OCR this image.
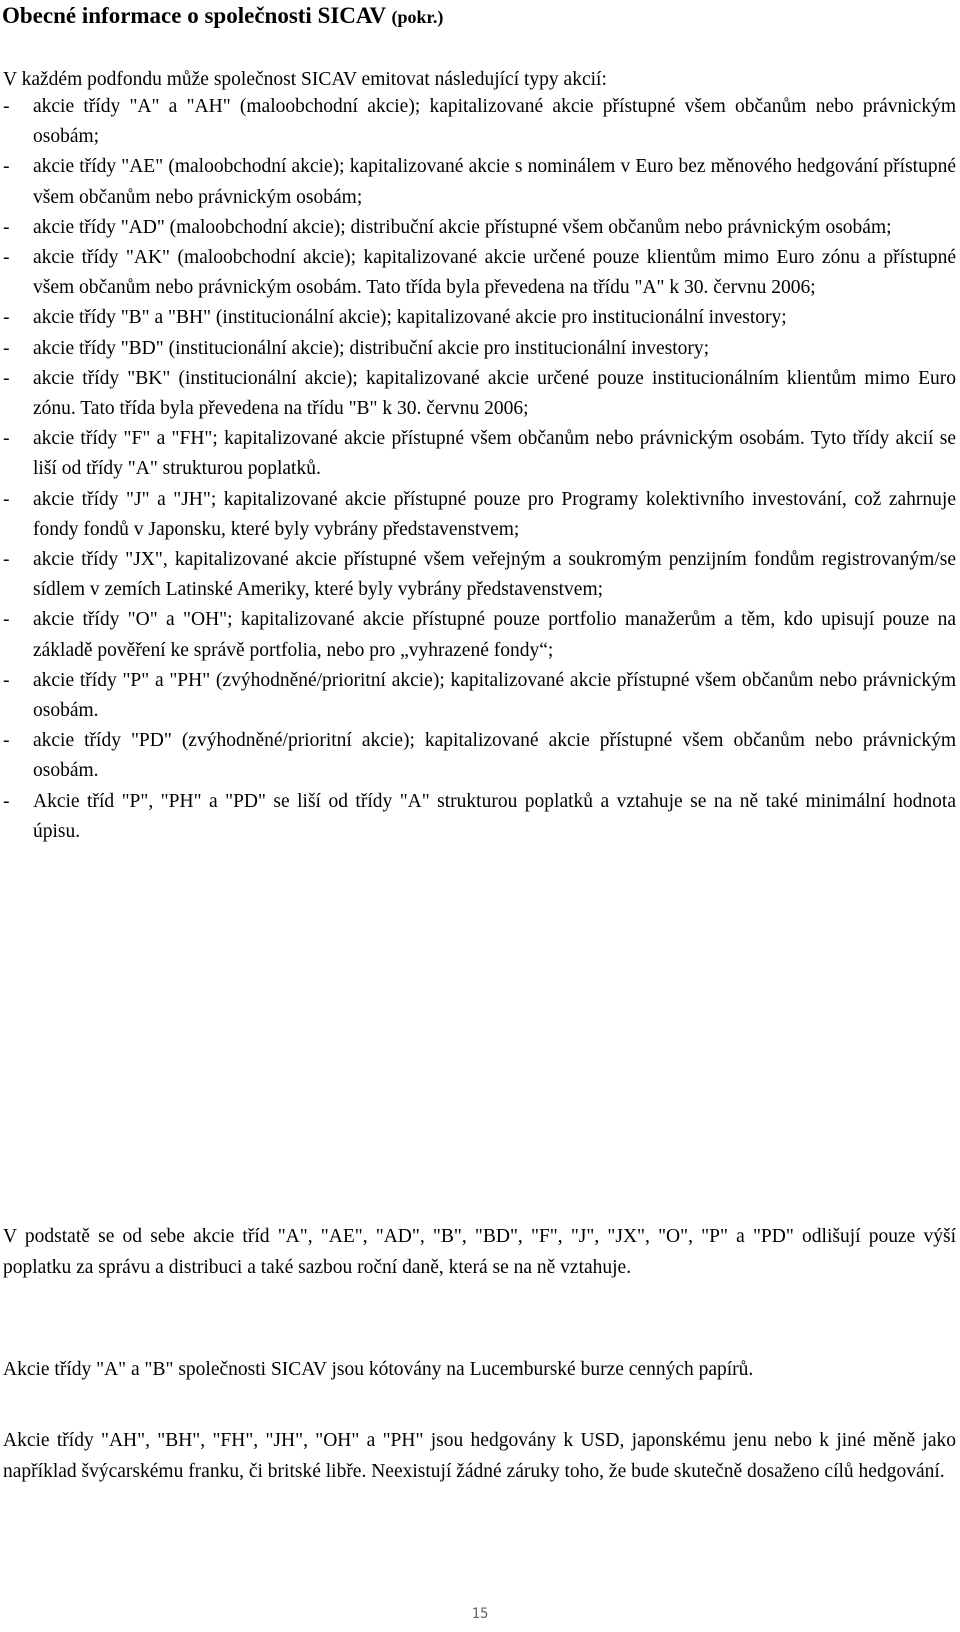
Obecné informace o společnosti SICAV (pokr.)
V každém podfondu může společnost SICAV emitovat následující typy akcií:
- akcie třídy "A" a "AH" (maloobchodní akcie); kapitalizované akcie přístupné všem občanům nebo právnickým osobám;
- akcie třídy "AE" (maloobchodní akcie); kapitalizované akcie s nominálem v Euro bez měnového hedgování přístupné všem občanům nebo právnickým osobám;
- akcie třídy "AD" (maloobchodní akcie); distribuční akcie přístupné všem občanům nebo právnickým osobám;
- akcie třídy "AK" (maloobchodní akcie); kapitalizované akcie určené pouze klientům mimo Euro zónu a přístupné všem občanům nebo právnickým osobám. Tato třída byla převedena na třídu "A" k 30. červnu 2006;
- akcie třídy "B" a "BH" (institucionální akcie); kapitalizované akcie pro institucionální investory;
- akcie třídy "BD" (institucionální akcie); distribuční akcie pro institucionální investory;
- akcie třídy "BK" (institucionální akcie); kapitalizované akcie určené pouze institucionálním klientům mimo Euro zónu. Tato třída byla převedena na třídu "B" k 30. červnu 2006;
- akcie třídy "F" a "FH"; kapitalizované akcie přístupné všem občanům nebo právnickým osobám. Tyto třídy akcií se liší od třídy "A" strukturou poplatků.
- akcie třídy "J" a "JH"; kapitalizované akcie přístupné pouze pro Programy kolektivního investování, což zahrnuje fondy fondů v Japonsku, které byly vybrány představenstvem;
- akcie třídy "JX", kapitalizované akcie přístupné všem veřejným a soukromým penzijním fondům registrovaným/se sídlem v zemích Latinské Ameriky, které byly vybrány představenstvem;
- akcie třídy "O" a "OH"; kapitalizované akcie přístupné pouze portfolio manažerům a těm, kdo upisují pouze na základě pověření ke správě portfolia, nebo pro „vyhrazené fondy“;
- akcie třídy "P" a "PH" (zvýhodněné/prioritní akcie); kapitalizované akcie přístupné všem občanům nebo právnickým osobám.
- akcie třídy "PD" (zvýhodněné/prioritní akcie); kapitalizované akcie přístupné všem občanům nebo právnickým osobám.
- Akcie tříd "P", "PH" a "PD" se liší od třídy "A" strukturou poplatků a vztahuje se na ně také minimální hodnota úpisu.

V podstatě se od sebe akcie tříd "A", "AE", "AD", "B", "BD", "F", "J", "JX", "O", "P" a "PD" odlišují pouze výší poplatku za správu a distribuci a také sazbou roční daně, která se na ně vztahuje.

Akcie třídy "A" a "B" společnosti SICAV jsou kótovány na Lucemburské burze cenných papírů.

Akcie třídy "AH", "BH", "FH", "JH", "OH" a "PH" jsou hedgovány k USD, japonskému jenu nebo k jiné měně jako například švýcarskému franku, či britské libře. Neexistují žádné záruky toho, že bude skutečně dosaženo cílů hedgování.

15
